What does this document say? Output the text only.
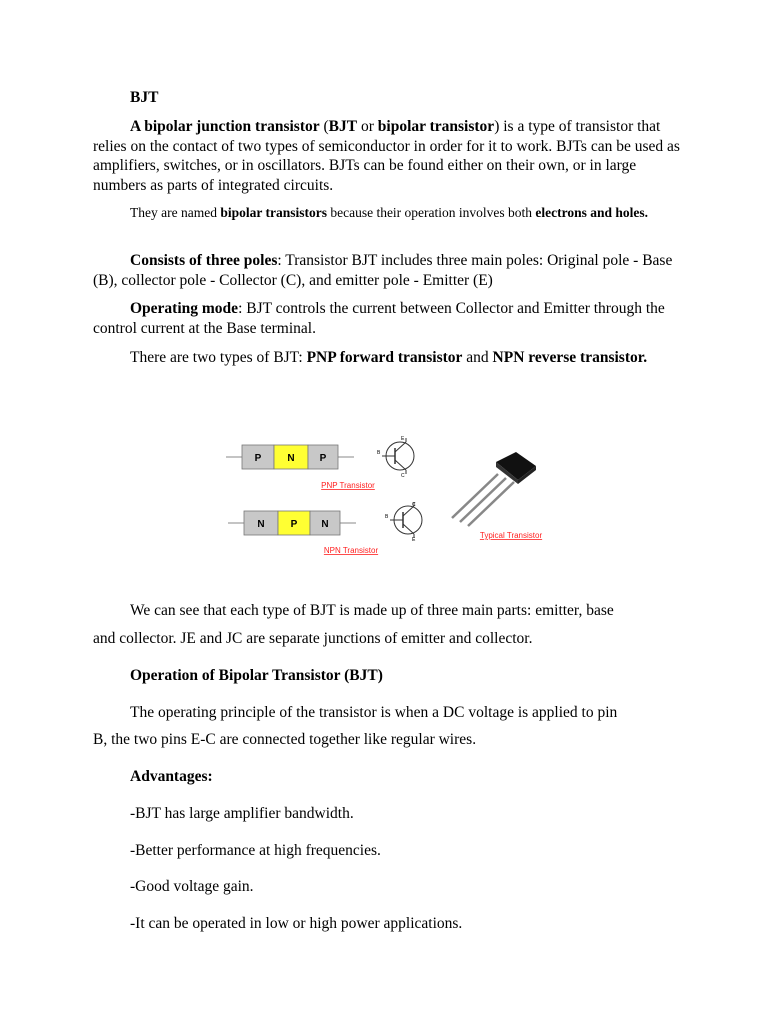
BJT
A bipolar junction transistor (BJT or bipolar transistor) is a type of transistor that relies on the contact of two types of semiconductor in order for it to work. BJTs can be used as amplifiers, switches, or in oscillators. BJTs can be found either on their own, or in large numbers as parts of integrated circuits.
They are named bipolar transistors because their operation involves both electrons and holes.
Consists of three poles: Transistor BJT includes three main poles: Original pole - Base (B), collector pole - Collector (C), and emitter pole - Emitter (E)
Operating mode: BJT controls the current between Collector and Emitter through the control current at the Base terminal.
There are two types of BJT: PNP forward transistor and NPN reverse transistor.
P	N	P
E
B
C
PNP Transistor
N	P N
C
B
E
NPN Transistor
Typical Transistor
We can see that each type of BJT is made up of three main parts: emitter, base
and collector. JE and JC are separate junctions of emitter and collector.
Operation of Bipolar Transistor (BJT)
The operating principle of the transistor is when a DC voltage is applied to pin
B, the two pins E-C are connected together like regular wires.
Advantages:
-BJT has large amplifier bandwidth.
-Better performance at high frequencies.
-Good voltage gain.
-It can be operated in low or high power applications.
